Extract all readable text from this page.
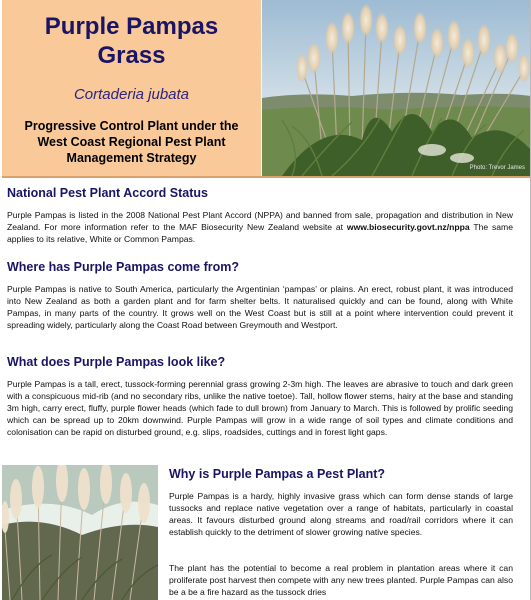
Purple Pampas
Grass
Cortaderia jubata
Progressive Control Plant under the
West Coast Regional Pest Plant
Management Strategy
Photo: Trevor James
National Pest Plant Accord Status
Purple Pampas is listed in the 2008 National Pest Plant Accord (NPPA) and banned from sale, propagation and distribution in New Zealand. For more information refer to the MAF Biosecurity New Zealand website at www.biosecurity.govt.nz/nppa The same applies to its relative, White or Common Pampas.
Where has Purple Pampas come from?
Purple Pampas is native to South America, particularly the Argentinian ‘pampas’ or plains. An erect, robust plant, it was introduced into New Zealand as both a garden plant and for farm shelter belts. It naturalised quickly and can be found, along with White Pampas, in many parts of the country. It grows well on the West Coast but is still at a point where intervention could prevent it spreading widely, particularly along the Coast Road between Greymouth and Westport.
What does Purple Pampas look like?
Purple Pampas is a tall, erect, tussock-forming perennial grass growing 2-3m high. The leaves are abrasive to touch and dark green with a conspicuous mid-rib (and no secondary ribs, unlike the native toetoe). Tall, hollow flower stems, hairy at the base and standing 3m high, carry erect, fluffy, purple flower heads (which fade to dull brown) from January to March. This is followed by prolific seeding which can be spread up to 20km downwind. Purple Pampas will grow in a wide range of soil types and climate conditions and colonisation can be rapid on disturbed ground, e.g. slips, roadsides, cuttings and in forest light gaps.
Why is Purple Pampas a Pest Plant?
Purple Pampas is a hardy, highly invasive grass which can form dense stands of large tussocks and replace native vegetation over a range of habitats, particularly in coastal areas. It favours disturbed ground along streams and road/rail corridors where it can establish quickly to the detriment of slower growing native species.
The plant has the potential to become a real problem in plantation areas where it can proliferate post harvest then compete with any new trees planted. Purple Pampas can also be a be a fire hazard as the tussock dries
